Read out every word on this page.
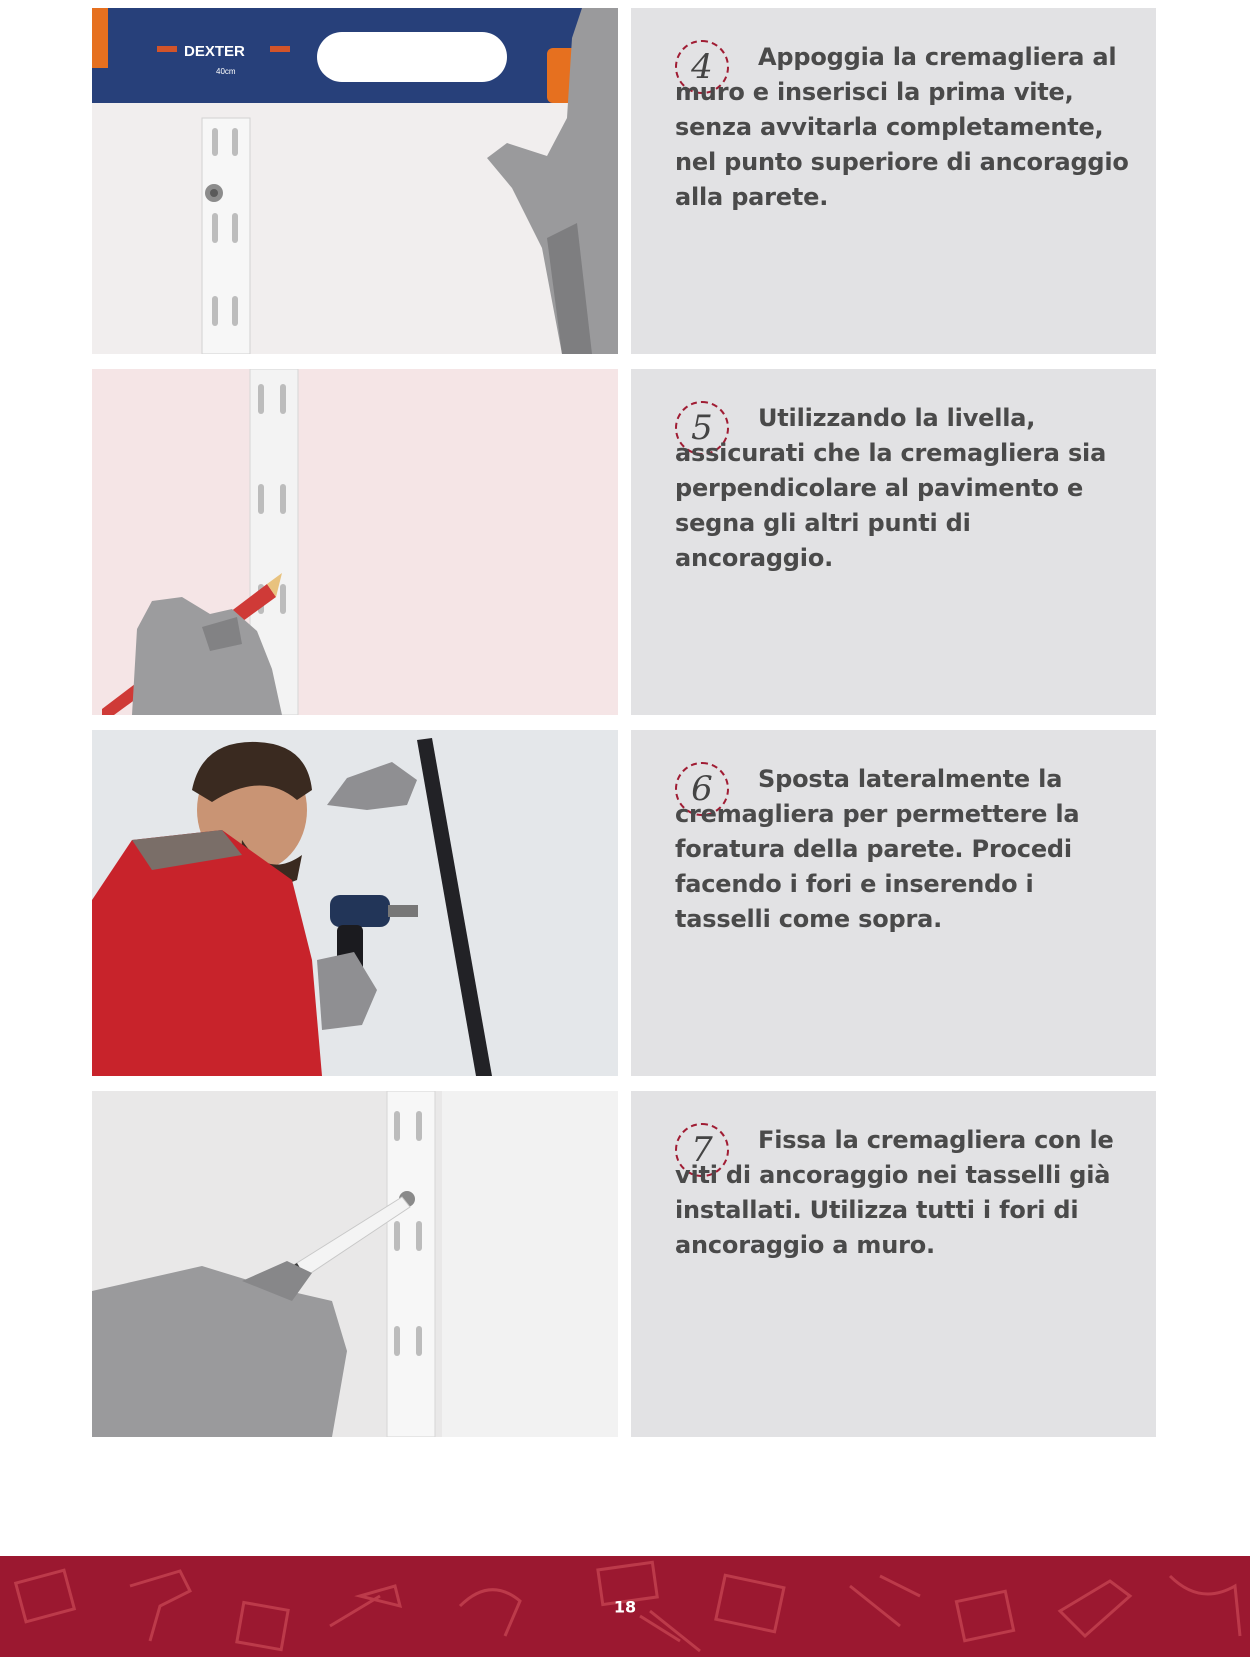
DEXTER
40cm	4	Appoggia la cremagliera al muro e inserisci la prima vite, senza avvitarla completamente, nel punto superiore di ancoraggio alla parete.

5	Utilizzando la livella, assicurati che la cremagliera sia perpendicolare al pavimento e segna gli altri punti di ancoraggio.

6	Sposta lateralmente la cremagliera per permettere la foratura della parete. Procedi facendo i fori e inserendo i tasselli come sopra.

7	Fissa la cremagliera con le viti di ancoraggio nei tasselli già installati. Utilizza tutti i fori di ancoraggio a muro.

18
